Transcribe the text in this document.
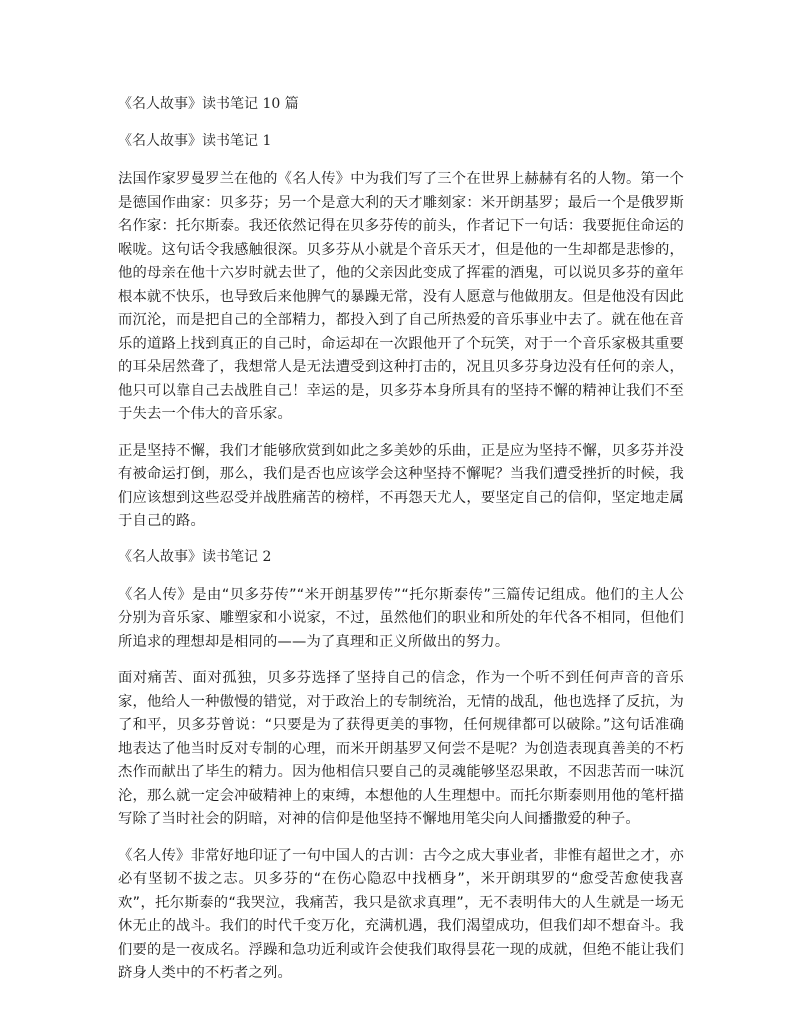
《名人故事》读书笔记 10 篇
《名人故事》读书笔记 1

法国作家罗曼罗兰在他的《名人传》中为我们写了三个在世界上赫赫有名的人物。第一个是德国作曲家：贝多芬；另一个是意大利的天才雕刻家：米开朗基罗；最后一个是俄罗斯名作家：托尔斯泰。我还依然记得在贝多芬传的前头，作者记下一句话：我要扼住命运的喉咙。这句话令我感触很深。贝多芬从小就是个音乐天才，但是他的一生却都是悲惨的，他的母亲在他十六岁时就去世了，他的父亲因此变成了挥霍的酒鬼，可以说贝多芬的童年根本就不快乐，也导致后来他脾气的暴躁无常，没有人愿意与他做朋友。但是他没有因此而沉沦，而是把自己的全部精力，都投入到了自己所热爱的音乐事业中去了。就在他在音乐的道路上找到真正的自己时，命运却在一次跟他开了个玩笑，对于一个音乐家极其重要的耳朵居然聋了，我想常人是无法遭受到这种打击的，况且贝多芬身边没有任何的亲人，他只可以靠自己去战胜自己！幸运的是，贝多芬本身所具有的坚持不懈的精神让我们不至于失去一个伟大的音乐家。

正是坚持不懈，我们才能够欣赏到如此之多美妙的乐曲，正是应为坚持不懈，贝多芬并没有被命运打倒，那么，我们是否也应该学会这种坚持不懈呢？当我们遭受挫折的时候，我们应该想到这些忍受并战胜痛苦的榜样，不再怨天尤人，要坚定自己的信仰，坚定地走属于自己的路。

《名人故事》读书笔记 2

《名人传》是由“贝多芬传”“米开朗基罗传”“托尔斯泰传”三篇传记组成。他们的主人公分别为音乐家、雕塑家和小说家，不过，虽然他们的职业和所处的年代各不相同，但他们所追求的理想却是相同的——为了真理和正义所做出的努力。

面对痛苦、面对孤独，贝多芬选择了坚持自己的信念，作为一个听不到任何声音的音乐家，他给人一种傲慢的错觉，对于政治上的专制统治，无情的战乱，他也选择了反抗，为了和平，贝多芬曾说：“只要是为了获得更美的事物，任何规律都可以破除。”这句话准确地表达了他当时反对专制的心理，而米开朗基罗又何尝不是呢？为创造表现真善美的不朽杰作而献出了毕生的精力。因为他相信只要自己的灵魂能够坚忍果敢，不因悲苦而一味沉沦，那么就一定会冲破精神上的束缚，本想他的人生理想中。而托尔斯泰则用他的笔杆描写除了当时社会的阴暗，对神的信仰是他坚持不懈地用笔尖向人间播撒爱的种子。

《名人传》非常好地印证了一句中国人的古训：古今之成大事业者，非惟有超世之才，亦必有坚韧不拔之志。贝多芬的“在伤心隐忍中找栖身”，米开朗琪罗的“愈受苦愈使我喜欢”，托尔斯泰的“我哭泣，我痛苦，我只是欲求真理”，无不表明伟大的人生就是一场无休无止的战斗。我们的时代千变万化，充满机遇，我们渴望成功，但我们却不想奋斗。我们要的是一夜成名。浮躁和急功近利或许会使我们取得昙花一现的成就，但绝不能让我们跻身人类中的不朽者之列。
